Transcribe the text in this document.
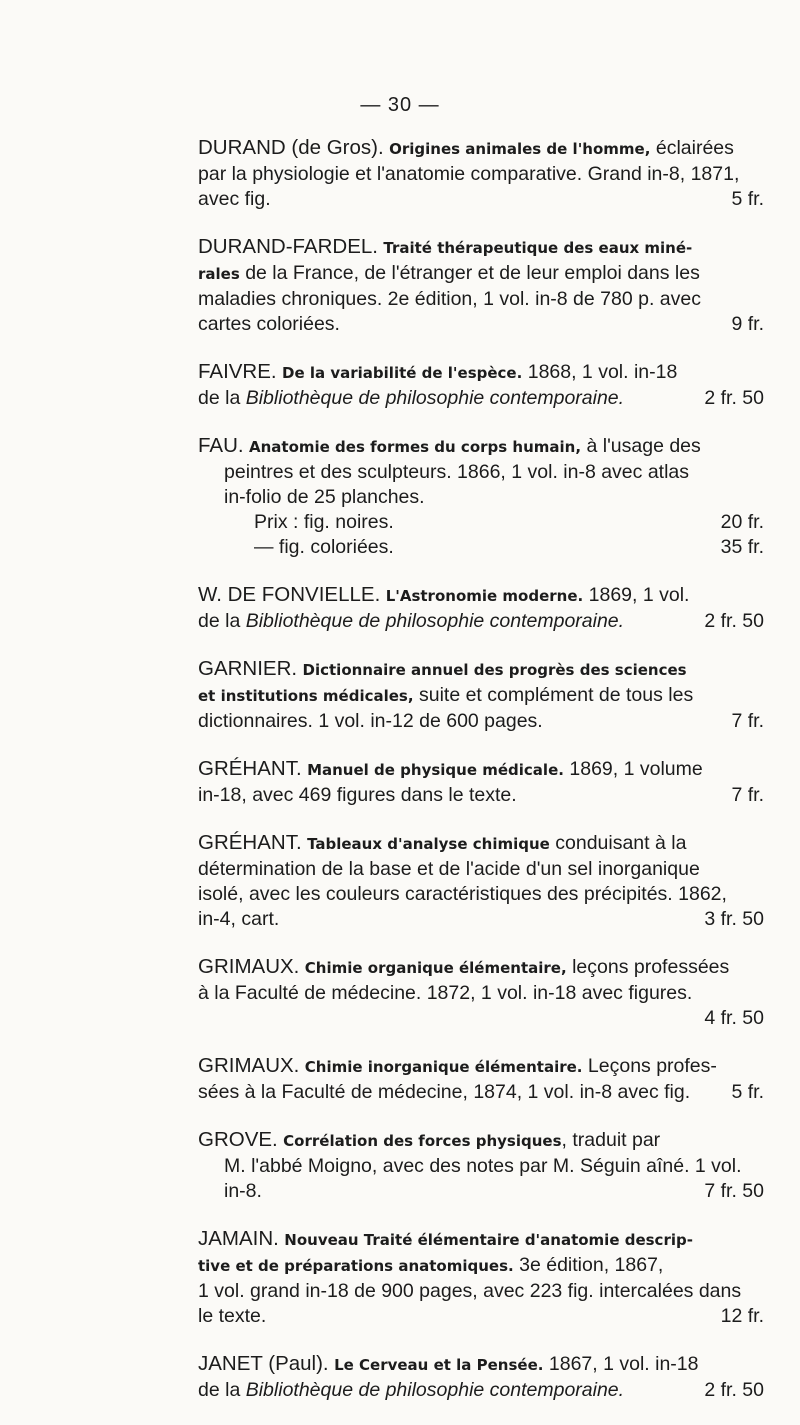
— 30 —
DURAND (de Gros). Origines animales de l'homme, éclairées
par la physiologie et l'anatomie comparative. Grand in-8, 1871,
avec fig.	5 fr.
DURAND-FARDEL. Traité thérapeutique des eaux miné-
rales de la France, de l'étranger et de leur emploi dans les
maladies chroniques. 2e édition, 1 vol. in-8 de 780 p. avec
cartes coloriées.	9 fr.
FAIVRE. De la variabilité de l'espèce. 1868, 1 vol. in-18
de la Bibliothèque de philosophie contemporaine.	2 fr. 50
FAU. Anatomie des formes du corps humain, à l'usage des
peintres et des sculpteurs. 1866, 1 vol. in-8 avec atlas
in-folio de 25 planches.
Prix : fig. noires.	20 fr.
— fig. coloriées.	35 fr.
W. DE FONVIELLE. L'Astronomie moderne. 1869, 1 vol.
de la Bibliothèque de philosophie contemporaine.	2 fr. 50
GARNIER. Dictionnaire annuel des progrès des sciences
et institutions médicales, suite et complément de tous les
dictionnaires. 1 vol. in-12 de 600 pages.	7 fr.
GRÉHANT. Manuel de physique médicale. 1869, 1 volume
in-18, avec 469 figures dans le texte.	7 fr.
GRÉHANT. Tableaux d'analyse chimique conduisant à la
détermination de la base et de l'acide d'un sel inorganique
isolé, avec les couleurs caractéristiques des précipités. 1862,
in-4, cart.	3 fr. 50
GRIMAUX. Chimie organique élémentaire, leçons professées
à la Faculté de médecine. 1872, 1 vol. in-18 avec figures.
4 fr. 50
GRIMAUX. Chimie inorganique élémentaire. Leçons profes-
sées à la Faculté de médecine, 1874, 1 vol. in-8 avec fig. 5 fr.
GROVE. Corrélation des forces physiques, traduit par
M. l'abbé Moigno, avec des notes par M. Séguin aîné. 1 vol.
in-8.	7 fr. 50
JAMAIN. Nouveau Traité élémentaire d'anatomie descrip-
tive et de préparations anatomiques. 3e édition, 1867,
1 vol. grand in-18 de 900 pages, avec 223 fig. intercalées dans
le texte.	12 fr.
JANET (Paul). Le Cerveau et la Pensée. 1867, 1 vol. in-18
de la Bibliothèque de philosophie contemporaine.	2 fr. 50
